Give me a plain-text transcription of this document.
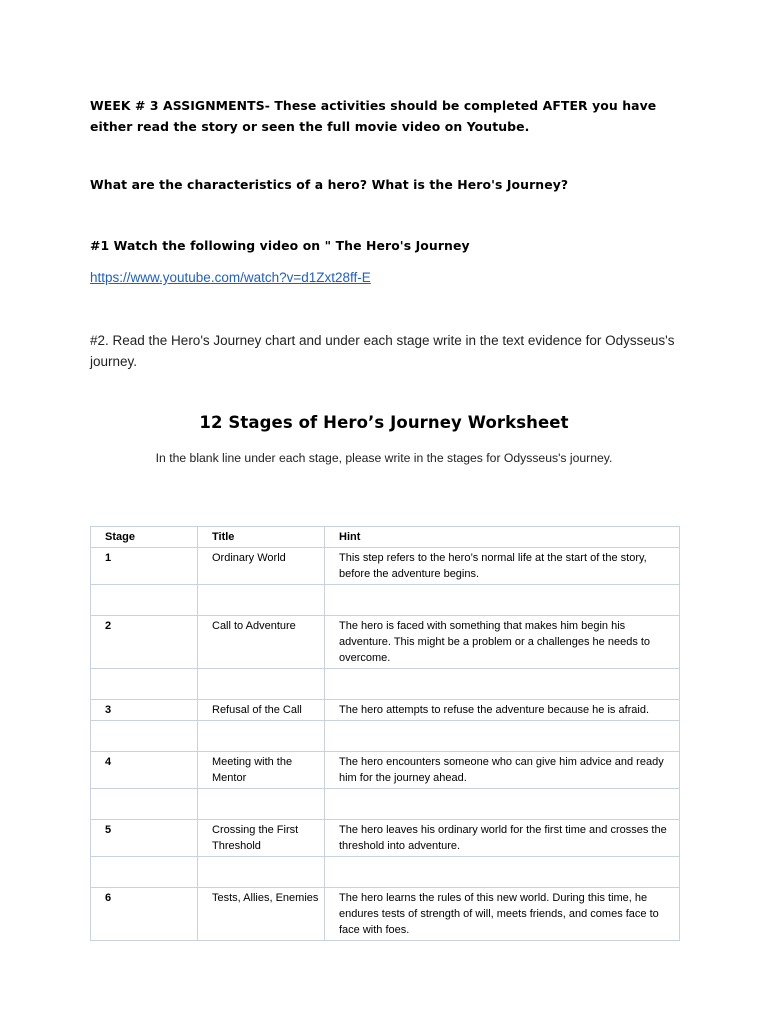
WEEK # 3 ASSIGNMENTS- These activities should be completed AFTER you have either read the story or seen the full movie video on Youtube.
What are the characteristics of a hero? What is the Hero's Journey?
#1 Watch the following video on " The Hero's Journey
https://www.youtube.com/watch?v=d1Zxt28ff-E
#2. Read the Hero's Journey chart and under each stage write in the text evidence for Odysseus's journey.
12 Stages of Hero’s Journey Worksheet
In the blank line under each stage, please write in the stages for Odysseus's journey.
Stage	Title	Hint
1	Ordinary World	This step refers to the hero’s normal life at the start of the story, before the adventure begins.

2	Call to Adventure	The hero is faced with something that makes him begin his adventure. This might be a problem or a challenges he needs to overcome.

3	Refusal of the Call	The hero attempts to refuse the adventure because he is afraid.

4	Meeting with the Mentor	The hero encounters someone who can give him advice and ready him for the journey ahead.

5	Crossing the First Threshold	The hero leaves his ordinary world for the first time and crosses the threshold into adventure.

6	Tests, Allies, Enemies	The hero learns the rules of this new world. During this time, he endures tests of strength of will, meets friends, and comes face to face with foes.
